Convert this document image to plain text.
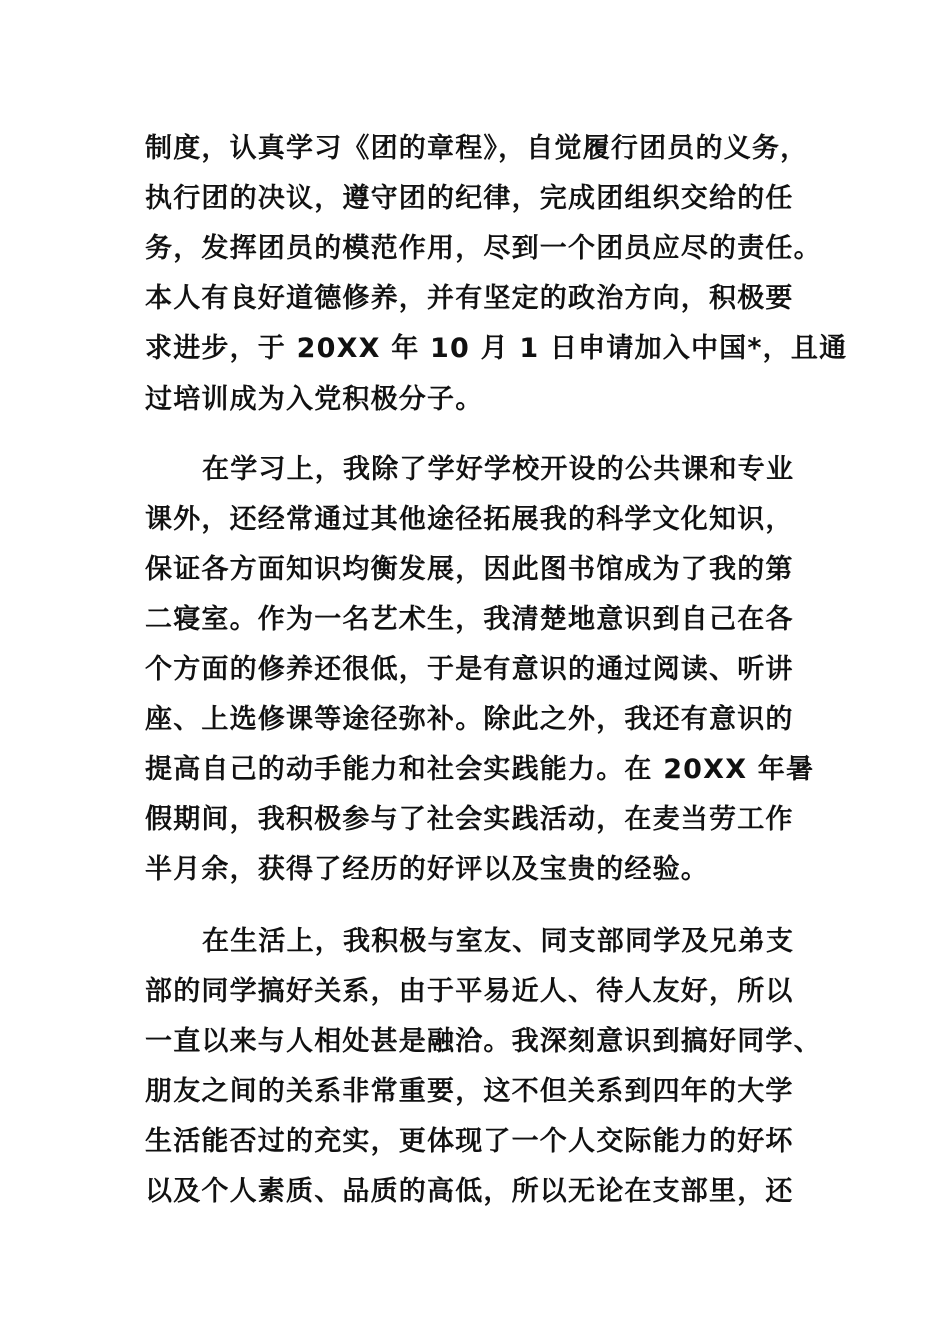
制度，认真学习《团的章程》，自觉履行团员的义务，
执行团的决议，遵守团的纪律，完成团组织交给的任
务，发挥团员的模范作用，尽到一个团员应尽的责任。
本人有良好道德修养，并有坚定的政治方向，积极要
求进步，于 20XX 年 10 月 1 日申请加入中国*，且通
过培训成为入党积极分子。
在学习上，我除了学好学校开设的公共课和专业
课外，还经常通过其他途径拓展我的科学文化知识，
保证各方面知识均衡发展，因此图书馆成为了我的第
二寝室。作为一名艺术生，我清楚地意识到自己在各
个方面的修养还很低，于是有意识的通过阅读、听讲
座、上选修课等途径弥补。除此之外，我还有意识的
提高自己的动手能力和社会实践能力。在 20XX 年暑
假期间，我积极参与了社会实践活动，在麦当劳工作
半月余，获得了经历的好评以及宝贵的经验。
在生活上，我积极与室友、同支部同学及兄弟支
部的同学搞好关系，由于平易近人、待人友好，所以
一直以来与人相处甚是融洽。我深刻意识到搞好同学、
朋友之间的关系非常重要，这不但关系到四年的大学
生活能否过的充实，更体现了一个人交际能力的好坏
以及个人素质、品质的高低，所以无论在支部里，还
